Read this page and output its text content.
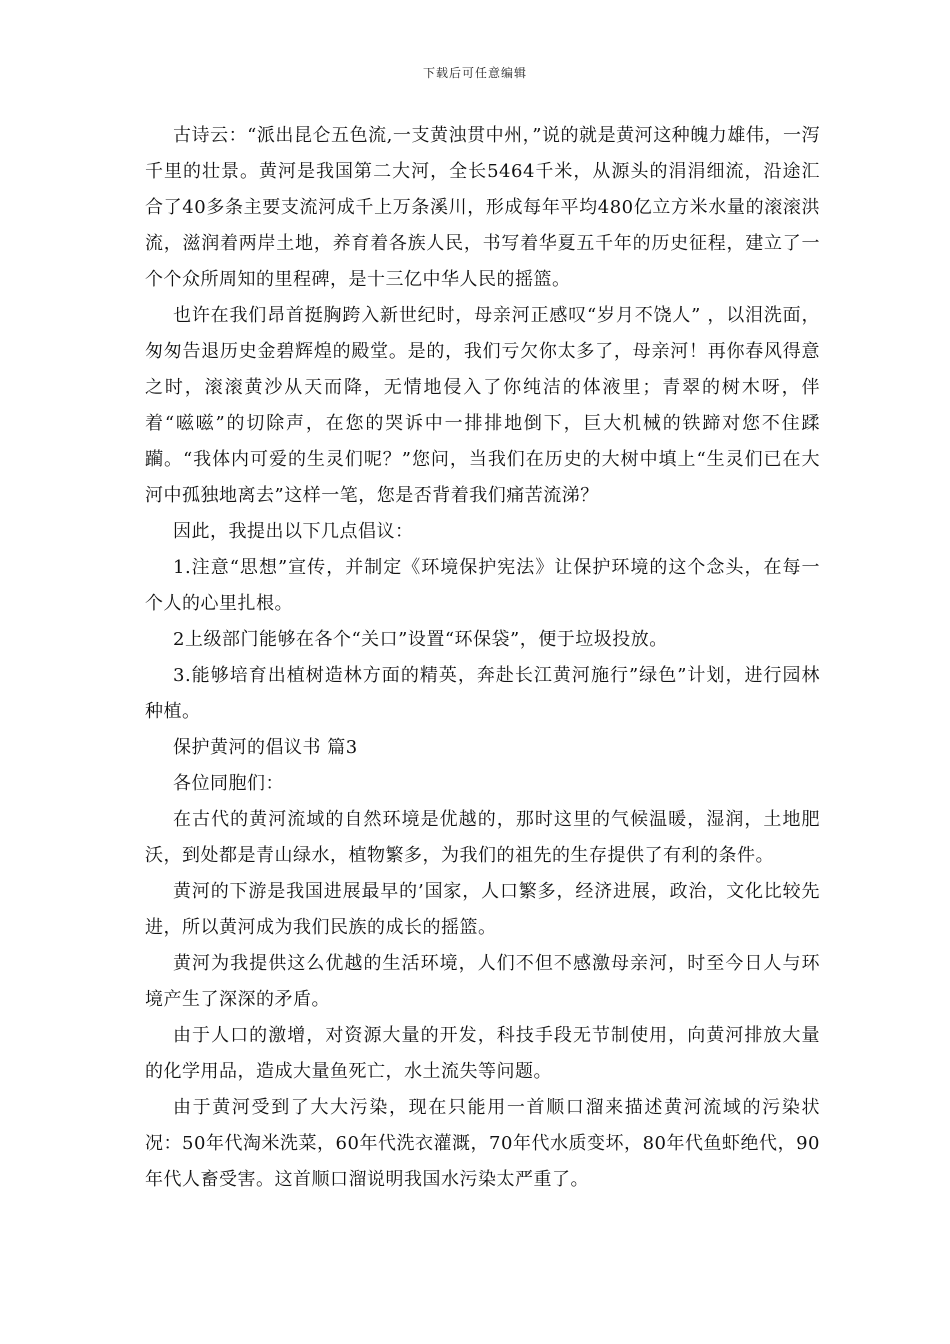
下载后可任意编辑

古诗云：“派出昆仑五色流,一支黄浊贯中州，”说的就是黄河这种魄力雄伟，一泻千里的壮景。黄河是我国第二大河，全长5464千米，从源头的涓涓细流，沿途汇合了40多条主要支流河成千上万条溪川，形成每年平均480亿立方米水量的滚滚洪流，滋润着两岸土地，养育着各族人民，书写着华夏五千年的历史征程，建立了一个个众所周知的里程碑，是十三亿中华人民的摇篮。

也许在我们昂首挺胸跨入新世纪时，母亲河正感叹“岁月不饶人” ，以泪洗面，匆匆告退历史金碧辉煌的殿堂。是的，我们亏欠你太多了，母亲河！再你春风得意之时，滚滚黄沙从天而降，无情地侵入了你纯洁的体液里；青翠的树木呀，伴着“嗞嗞”的切除声，在您的哭诉中一排排地倒下，巨大机械的铁蹄对您不住蹂躏。“我体内可爱的生灵们呢？”您问，当我们在历史的大树中填上“生灵们已在大河中孤独地离去”这样一笔，您是否背着我们痛苦流涕？

因此，我提出以下几点倡议：

1.注意“思想”宣传，并制定《环境保护宪法》让保护环境的这个念头，在每一个人的心里扎根。

2上级部门能够在各个“关口”设置“环保袋”，便于垃圾投放。

3.能够培育出植树造林方面的精英，奔赴长江黄河施行”绿色”计划，进行园林种植。

保护黄河的倡议书 篇3

各位同胞们：

在古代的黄河流域的自然环境是优越的，那时这里的气候温暖，湿润，土地肥沃，到处都是青山绿水，植物繁多，为我们的祖先的生存提供了有利的条件。

黄河的下游是我国进展最早的’国家，人口繁多，经济进展，政治，文化比较先进，所以黄河成为我们民族的成长的摇篮。

黄河为我提供这么优越的生活环境，人们不但不感激母亲河，时至今日人与环境产生了深深的矛盾。

由于人口的激增，对资源大量的开发，科技手段无节制使用，向黄河排放大量的化学用品，造成大量鱼死亡，水土流失等问题。

由于黄河受到了大大污染，现在只能用一首顺口溜来描述黄河流域的污染状况：50年代淘米洗菜，60年代洗衣灌溉，70年代水质变坏，80年代鱼虾绝代，90年代人畜受害。这首顺口溜说明我国水污染太严重了。
